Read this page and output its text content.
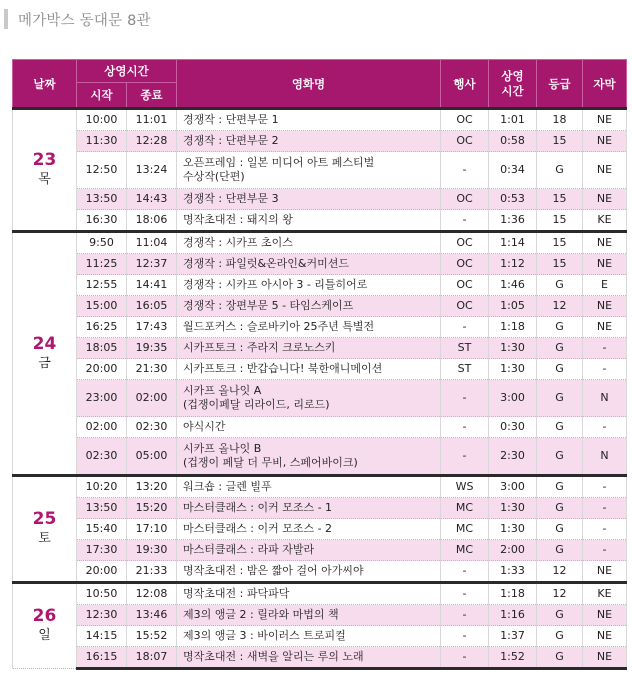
메가박스 동대문 8관
날짜	상영시간		영화명	행사	상영
시간	등급	자막
	시작	종료					

23
목	10:00	11:01	경쟁작 : 단편부문 1	OC	1:01	18	NE
	11:30	12:28	경쟁작 : 단편부문 2	OC	0:58	15	NE
	12:50	13:24	오픈프레임 : 일본 미디어 아트 페스티벌
수상작(단편)	-	0:34	G	NE
	13:50	14:43	경쟁작 : 단편부문 3	OC	0:53	15	NE
	16:30	18:06	명작초대전 : 돼지의 왕	-	1:36	15	KE

24
금	9:50	11:04	경쟁작 : 시카프 초이스	OC	1:14	15	NE
	11:25	12:37	경쟁작 : 파일럿&온라인&커미션드	OC	1:12	15	NE
	12:55	14:41	경쟁작 : 시카프 아시아 3 - 리틀히어로	OC	1:46	G	E
	15:00	16:05	경쟁작 : 장편부문 5 - 타임스케이프	OC	1:05	12	NE
	16:25	17:43	월드포커스 : 슬로바키아 25주년 특별전	-	1:18	G	NE
	18:05	19:35	시카프토크 : 주라지 크로노스키	ST	1:30	G	-
	20:00	21:30	시카프토크 : 반갑습니다! 북한애니메이션	ST	1:30	G	-
	23:00	02:00	시카프 올나잇 A
(겁쟁이페달 리라이드, 리로드)	-	3:00	G	N
	02:00	02:30	야식시간	-	0:30	G	-
	02:30	05:00	시카프 올나잇 B
(겁쟁이 페달 더 무비, 스페어바이크)	-	2:30	G	N

25
토	10:20	13:20	워크숍 : 글렌 빌푸	WS	3:00	G	-
	13:50	15:20	마스터클래스 : 이커 모조스 - 1	MC	1:30	G	-
	15:40	17:10	마스터클래스 : 이커 모조스 - 2	MC	1:30	G	-
	17:30	19:30	마스터클래스 : 라파 자발라	MC	2:00	G	-
	20:00	21:33	명작초대전 : 밤은 짧아 걸어 아가씨야	-	1:33	12	NE

26
일	10:50	12:08	명작초대전 : 파닥파닥	-	1:18	12	KE
	12:30	13:46	제3의 앵글 2 : 릴라와 마법의 책	-	1:16	G	NE
	14:15	15:52	제3의 앵글 3 : 바이러스 트로피컬	-	1:37	G	NE
	16:15	18:07	명작초대전 : 새벽을 알리는 루의 노래	-	1:52	G	NE
